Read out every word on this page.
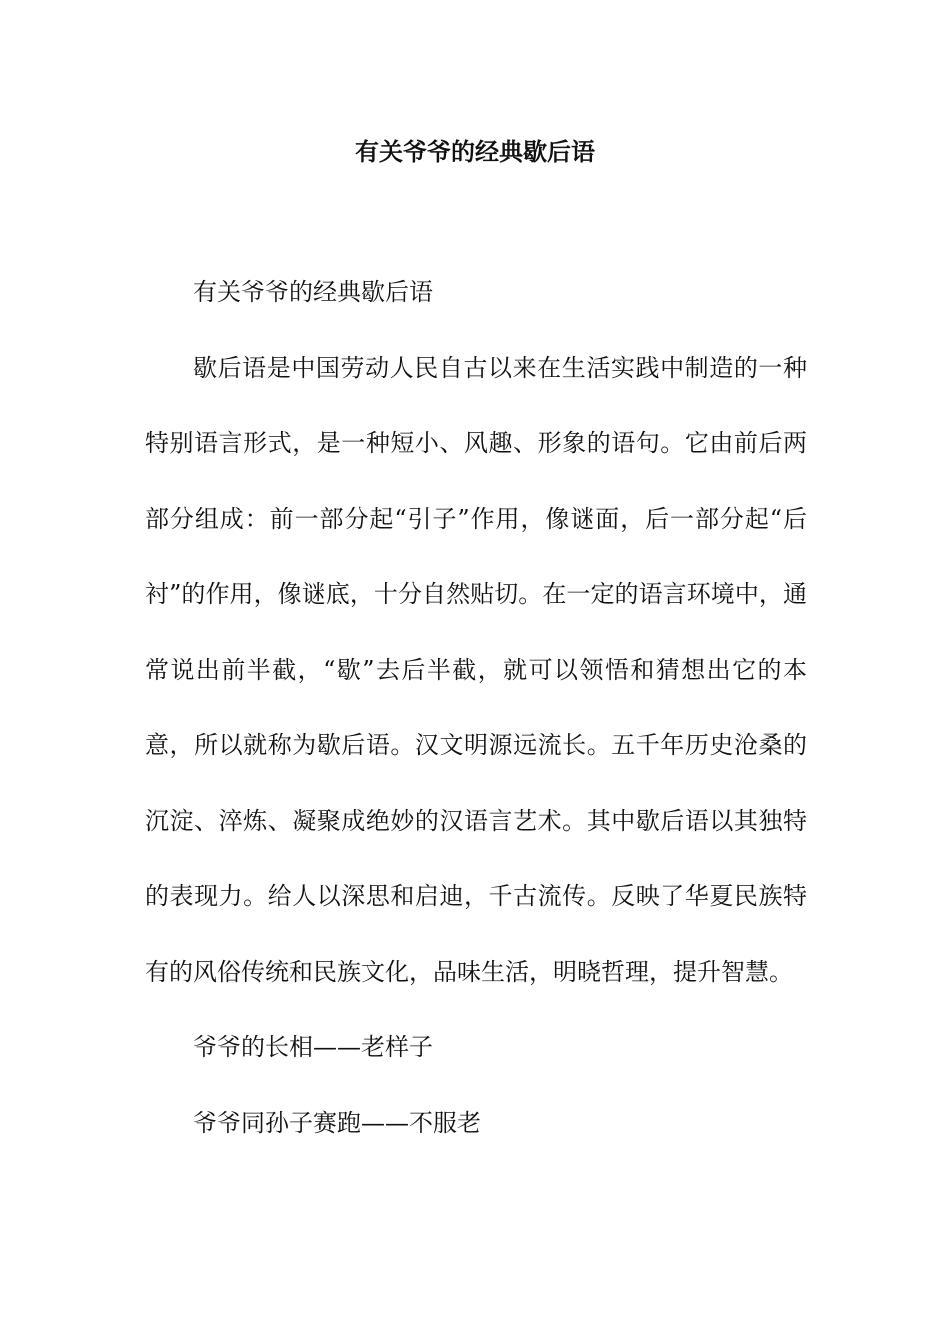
有关爷爷的经典歇后语

有关爷爷的经典歇后语

歇后语是中国劳动人民自古以来在生活实践中制造的一种特别语言形式，是一种短小、风趣、形象的语句。它由前后两部分组成：前一部分起“引子”作用，像谜面，后一部分起“后衬”的作用，像谜底，十分自然贴切。在一定的语言环境中，通常说出前半截，“歇”去后半截，就可以领悟和猜想出它的本意，所以就称为歇后语。汉文明源远流长。五千年历史沧桑的沉淀、淬炼、凝聚成绝妙的汉语言艺术。其中歇后语以其独特的表现力。给人以深思和启迪，千古流传。反映了华夏民族特有的风俗传统和民族文化，品味生活，明晓哲理，提升智慧。

爷爷的长相——老样子

爷爷同孙子赛跑——不服老
